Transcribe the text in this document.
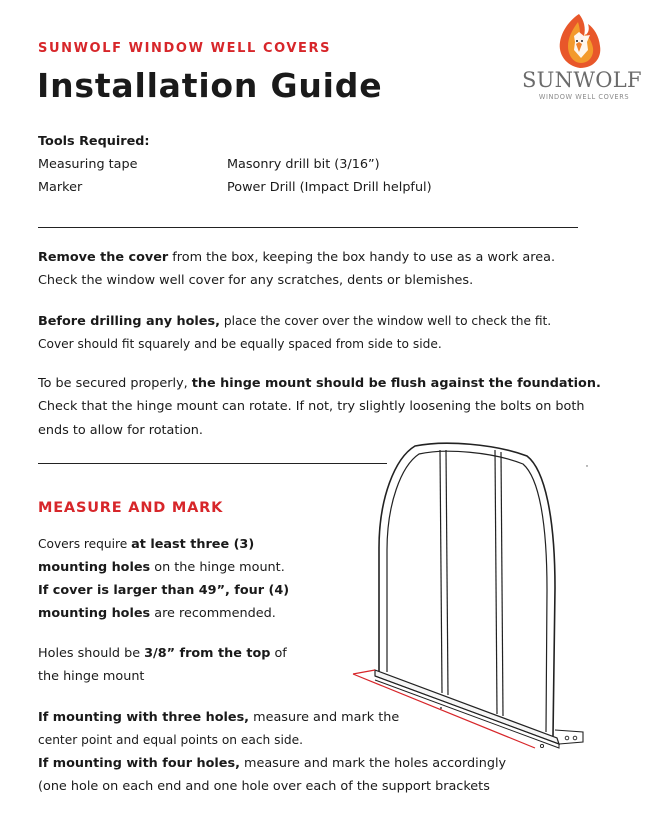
SUNWOLF WINDOW WELL COVERS
Installation Guide	SUNWOLF
WINDOW WELL COVERS
Tools Required:
Measuring tape
Marker
Masonry drill bit (3/16”)
Power Drill (Impact Drill helpful)
Remove the cover from the box, keeping the box handy to use as a work area.
Check the window well cover for any scratches, dents or blemishes.
Before drilling any holes, place the cover over the window well to check the fit.
Cover should fit squarely and be equally spaced from side to side.
To be secured properly, the hinge mount should be flush against the foundation.
Check that the hinge mount can rotate. If not, try slightly loosening the bolts on both
ends to allow for rotation.
MEASURE AND MARK
Covers require at least three (3)
mounting holes on the hinge mount.
If cover is larger than 49”, four (4)
mounting holes are recommended.
Holes should be 3/8” from the top of
the hinge mount
If mounting with three holes, measure and mark the
center point and equal points on each side.
If mounting with four holes, measure and mark the holes accordingly
(one hole on each end and one hole over each of the support brackets
